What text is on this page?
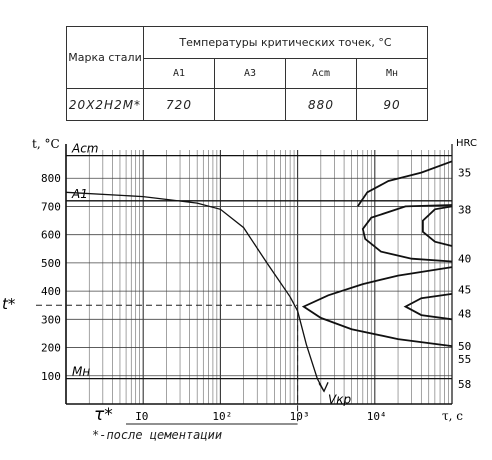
Марка стали	Температуры критических точек, °С			
	A1	A3	Acm	Mн
20Х2Н2М*	720		880	90
100
200
300
400
500
600
700
800
Acm
A1
Mн
I0	10²	10³	10⁴	τ, с
t, °C	HRC
35
38
40
45
48
50
55
58
t*
τ*
Vкр
*-после цементации
